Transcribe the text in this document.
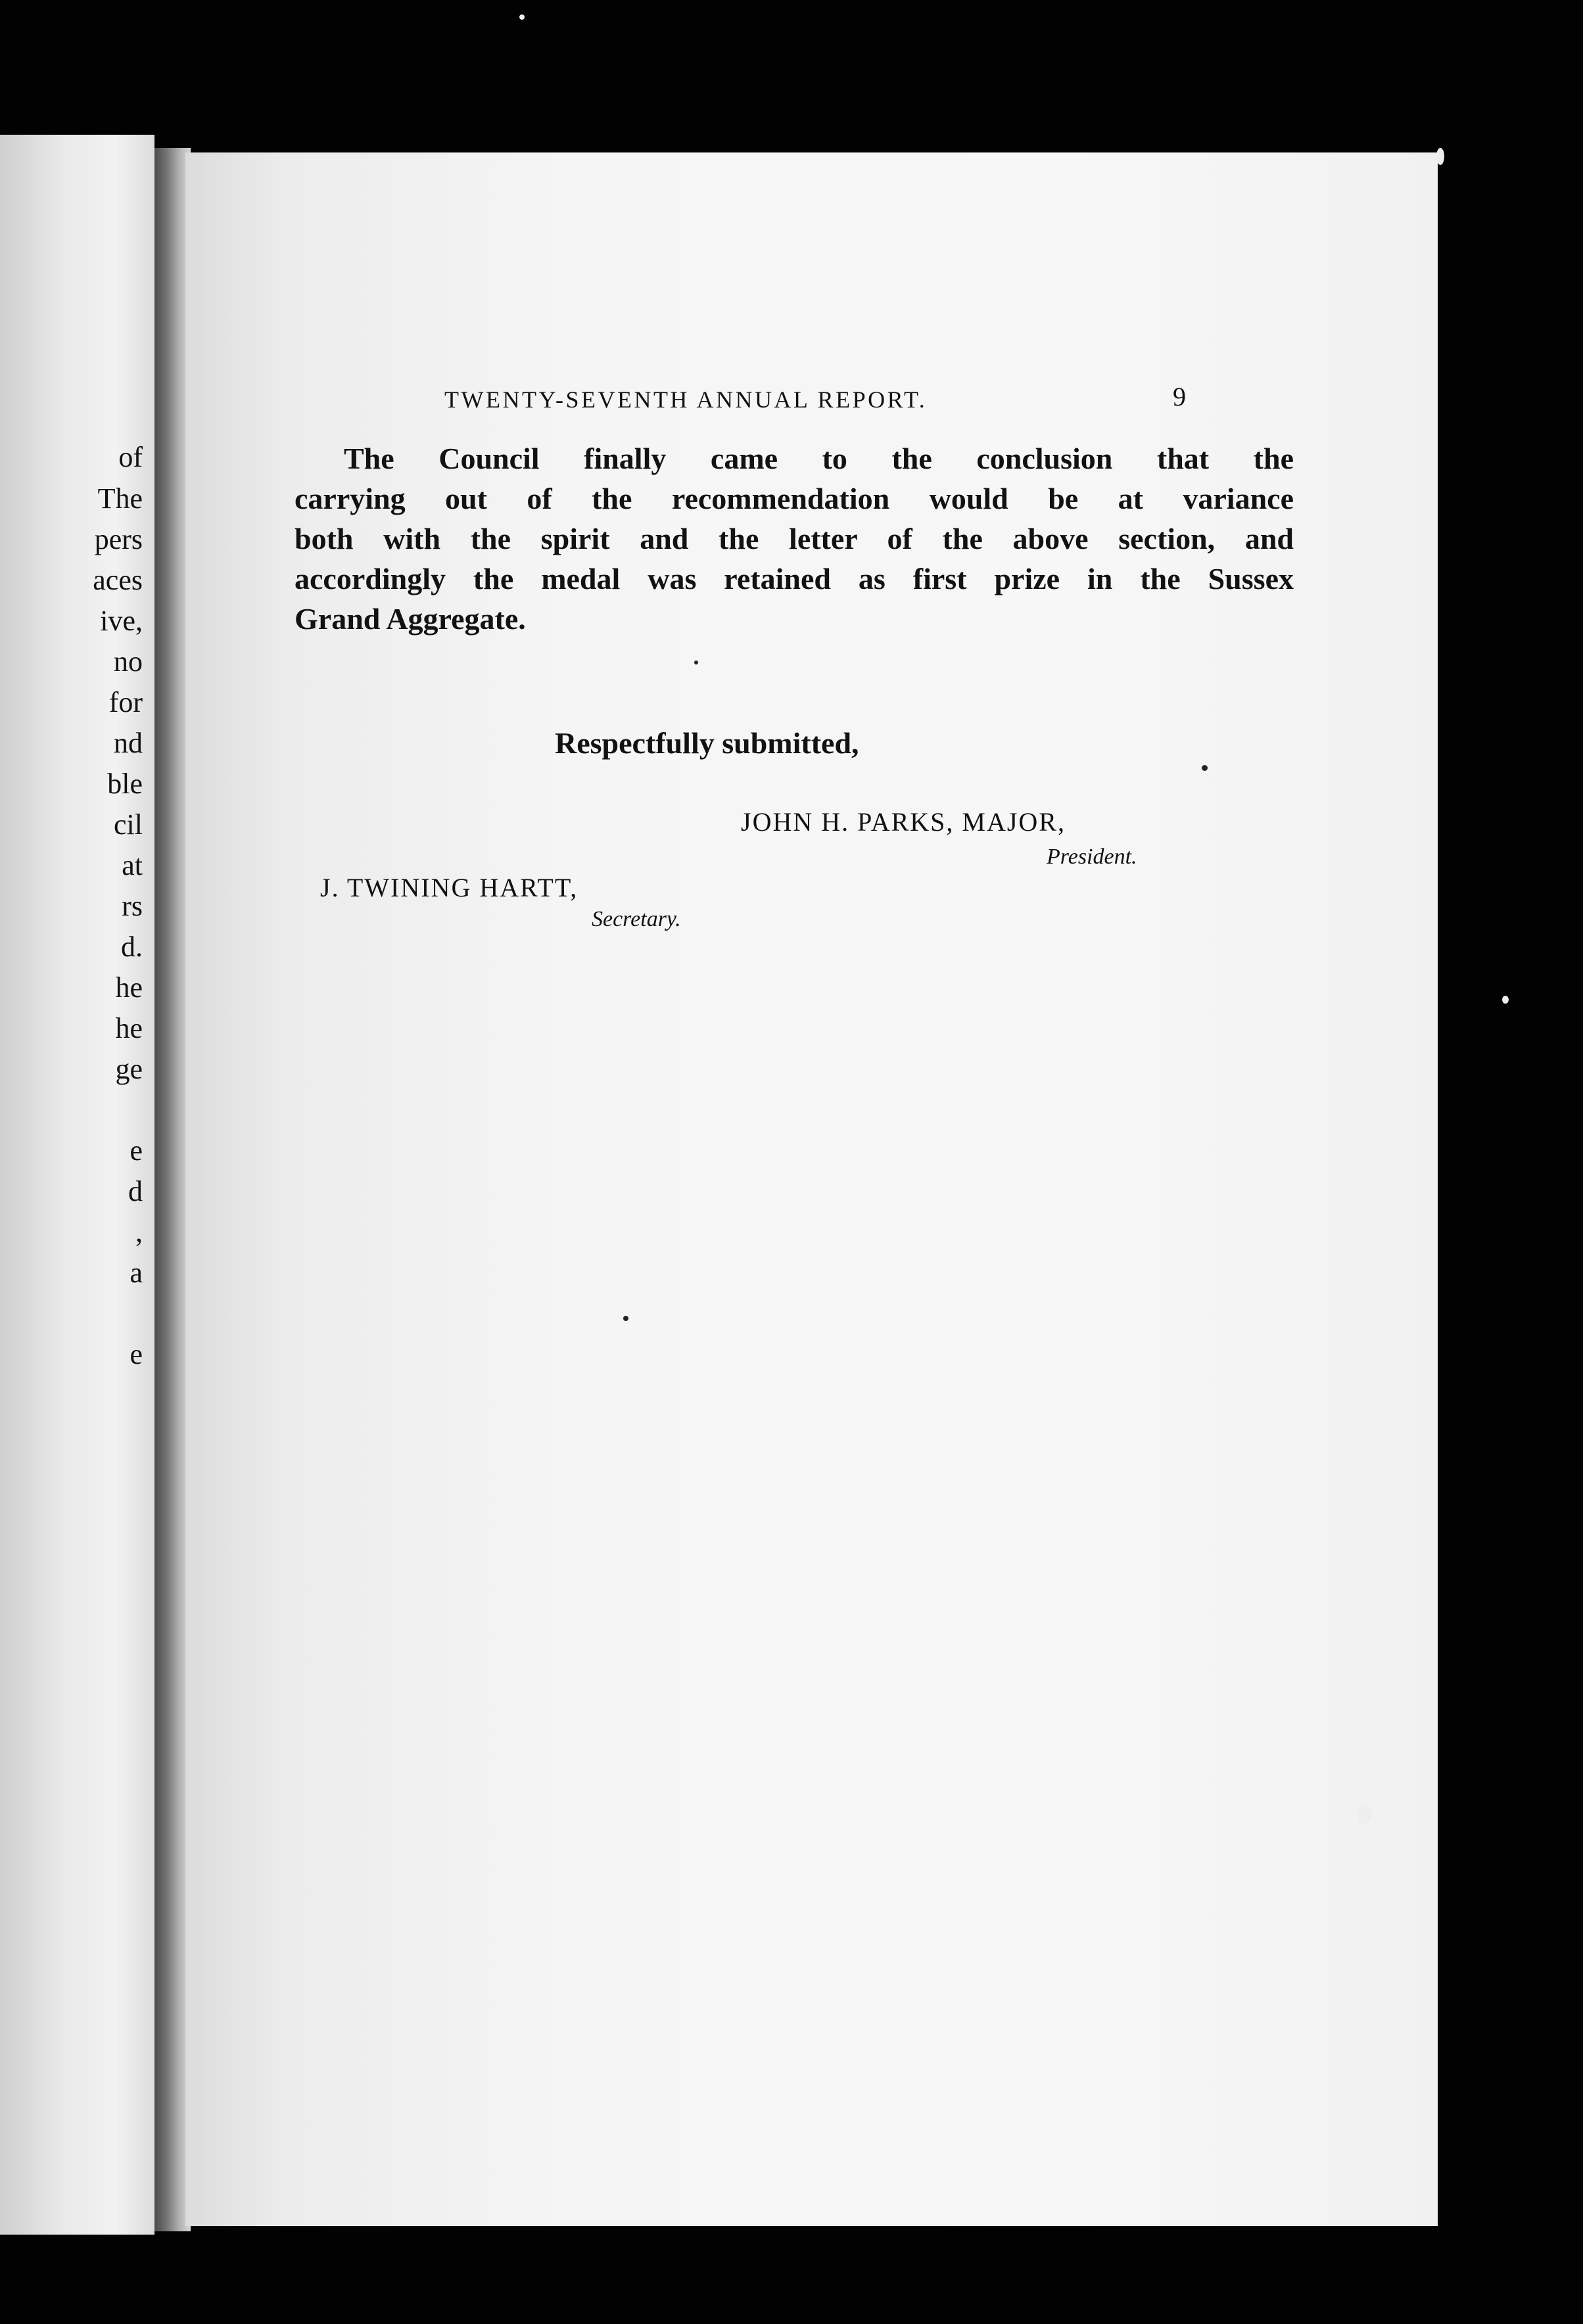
of
The
pers
aces
ive,
no
for
nd
ble
cil
at
rs
d.
he
he
ge
e
d
,
a
e
TWENTY-SEVENTH ANNUAL REPORT.	9
The Council finally came to the conclusion that the
carrying out of the recommendation would be at variance
both with the spirit and the letter of the above section, and
accordingly the medal was retained as first prize in the Sussex
Grand Aggregate.
Respectfully submitted,
JOHN H. PARKS, MAJOR,
President.
J. TWINING HARTT,
Secretary.
